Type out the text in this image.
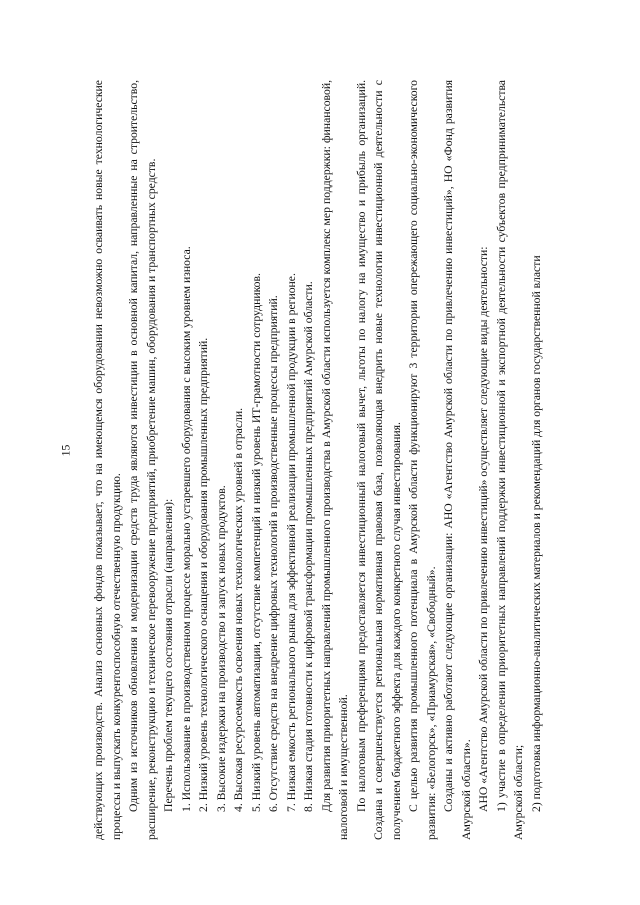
15 действующих производств. Анализ основных фондов показывает, что на имеющемся оборудовании невозможно осваивать новые технологические процессы и выпускать конкурентоспособную отечественную продукцию. Одним из источников обновления и модернизации средств труда являются инвестиции в основной капитал, направленные на строительство, расширение, реконструкцию и техническое перевооружение предприятий, приобретение машин, оборудования и транспортных средств. Перечень проблем текущего состояния отрасли (направления): 1. Использование в производственном процессе морально устаревшего оборудования с высоким уровнем износа. 2. Низкий уровень технологического оснащения и оборудования промышленных предприятий. 3. Высокие издержки на производство и запуск новых продуктов. 4. Высокая ресурсоемкость освоения новых технологических уровней в отрасли. 5. Низкий уровень автоматизации, отсутствие компетенций и низкий уровень ИТ-грамотности сотрудников. 6. Отсутствие средств на внедрение цифровых технологий в производственные процессы предприятий. 7. Низкая емкость регионального рынка для эффективной реализации промышленной продукции в регионе. 8. Низкая стадия готовности к цифровой трансформации промышленных предприятий Амурской области. Для развития приоритетных направлений промышленного производства в Амурской области используется комплекс мер поддержки: финансовой, налоговой и имущественной. По налоговым преференциям предоставляется инвестиционный налоговый вычет, льготы по налогу на имущество и прибыль организаций. Создана и совершенствуется региональная нормативная правовая база, позволяющая внедрить новые технологии инвестиционной деятельности с получением бюджетного эффекта для каждого конкретного случая инвестирования. С целью развития промышленного потенциала в Амурской области функционируют 3 территории опережающего социально-экономического развития: «Белогорск», «Приамурская», «Свободный». Созданы и активно работают следующие организации: АНО «Агентство Амурской области по привлечению инвестиций», НО «Фонд развития Амурской области». АНО «Агентство Амурской области по привлечению инвестиций» осуществляет следующие виды деятельности: 1) участие в определении приоритетных направлений поддержки инвестиционной и экспортной деятельности субъектов предпринимательства Амурской области; 2) подготовка информационно-аналитических материалов и рекомендаций для органов государственной власти
